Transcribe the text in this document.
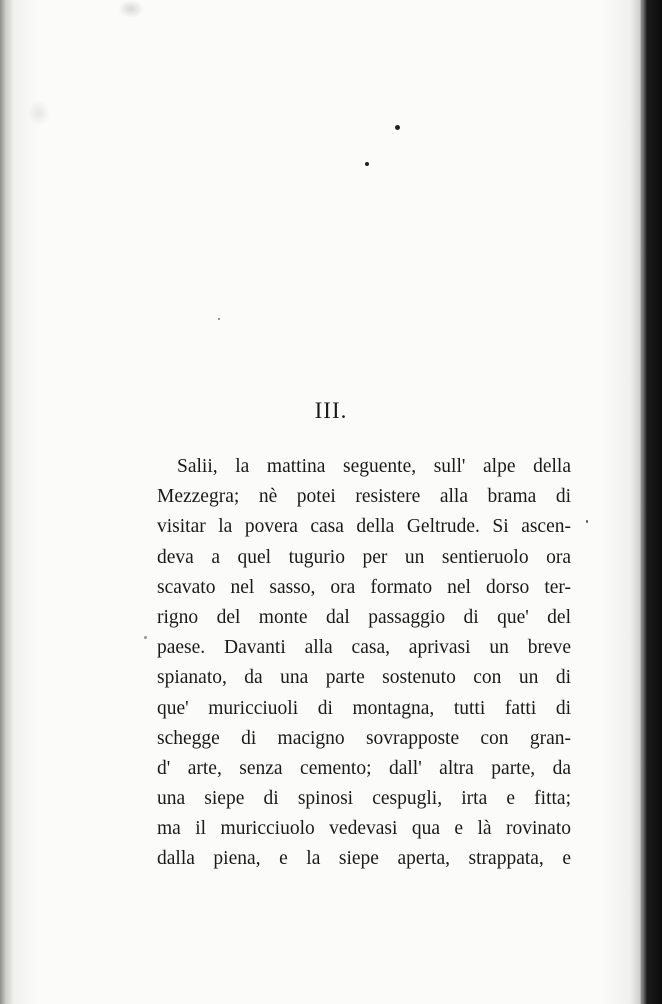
III.
Salii, la mattina seguente, sull' alpe della
Mezzegra; nè potei resistere alla brama di
visitar la povera casa della Geltrude. Si ascen-
deva a quel tugurio per un sentieruolo ora
scavato nel sasso, ora formato nel dorso ter-
rigno del monte dal passaggio di que' del
paese. Davanti alla casa, aprivasi un breve
spianato, da una parte sostenuto con un di
que' muricciuoli di montagna, tutti fatti di
schegge di macigno sovrapposte con gran-
d' arte, senza cemento; dall' altra parte, da
una siepe di spinosi cespugli, irta e fitta;
ma il muricciuolo vedevasi qua e là rovinato
dalla piena, e la siepe aperta, strappata, e
